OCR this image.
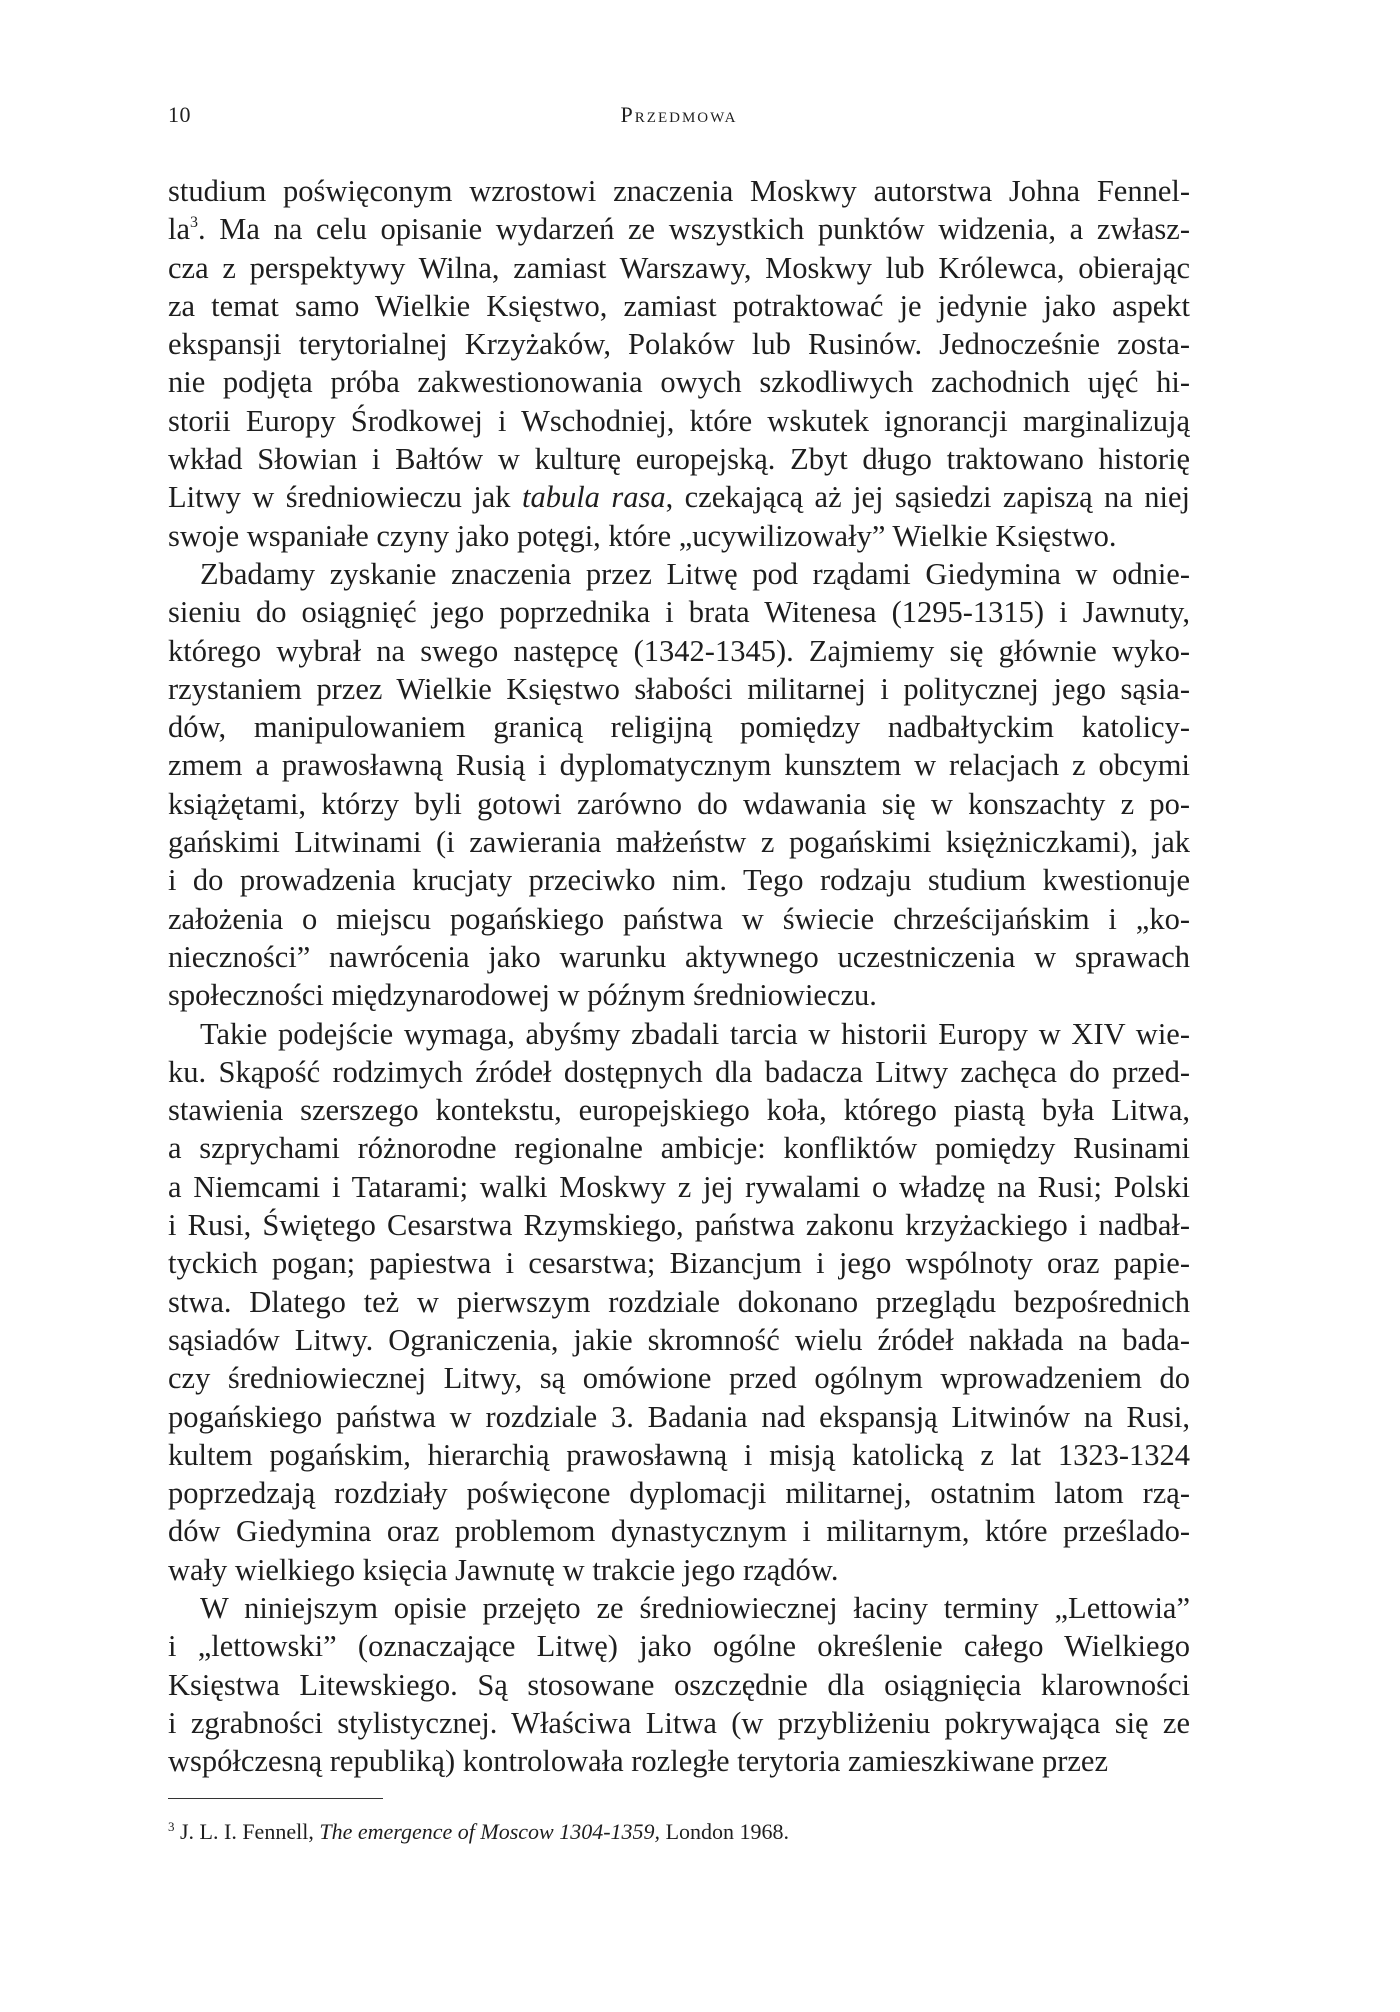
10	Przedmowa

studium poświęconym wzrostowi znaczenia Moskwy autorstwa Johna Fennel-
$la^3$. Ma na celu opisanie wydarzeń ze wszystkich punktów widzenia, a zwłasz-
cza z perspektywy Wilna, zamiast Warszawy, Moskwy lub Królewca, obierając
za temat samo Wielkie Księstwo, zamiast potraktować je jedynie jako aspekt
ekspansji terytorialnej Krzyżaków, Polaków lub Rusinów. Jednocześnie zosta-
nie podjęta próba zakwestionowania owych szkodliwych zachodnich ujęć hi-
storii Europy Środkowej i Wschodniej, które wskutek ignorancji marginalizują
wkład Słowian i Bałtów w kulturę europejską. Zbyt długo traktowano historię
Litwy w średniowieczu jak tabula rasa, czekającą aż jej sąsiedzi zapiszą na niej
swoje wspaniałe czyny jako potęgi, które „ucywilizowały” Wielkie Księstwo.

Zbadamy zyskanie znaczenia przez Litwę pod rządami Giedymina w odnie-
sieniu do osiągnięć jego poprzednika i brata Witenesa (1295-1315) i Jawnuty,
którego wybrał na swego następcę (1342-1345). Zajmiemy się głównie wyko-
rzystaniem przez Wielkie Księstwo słabości militarnej i politycznej jego sąsia-
dów, manipulowaniem granicą religijną pomiędzy nadbałtyckim katolicy-
zmem a prawosławną Rusią i dyplomatycznym kunsztem w relacjach z obcymi
książętami, którzy byli gotowi zarówno do wdawania się w konszachty z po-
gańskimi Litwinami (i zawierania małżeństw z pogańskimi księżniczkami), jak
i do prowadzenia krucjaty przeciwko nim. Tego rodzaju studium kwestionuje
założenia o miejscu pogańskiego państwa w świecie chrześcijańskim i „ko-
nieczności” nawrócenia jako warunku aktywnego uczestniczenia w sprawach
społeczności międzynarodowej w późnym średniowieczu.

Takie podejście wymaga, abyśmy zbadali tarcia w historii Europy w XIV wie-
ku. Skąpość rodzimych źródeł dostępnych dla badacza Litwy zachęca do przed-
stawienia szerszego kontekstu, europejskiego koła, którego piastą była Litwa,
a szprychami różnorodne regionalne ambicje: konfliktów pomiędzy Rusinami
a Niemcami i Tatarami; walki Moskwy z jej rywalami o władzę na Rusi; Polski
i Rusi, Świętego Cesarstwa Rzymskiego, państwa zakonu krzyżackiego i nadbał-
tyckich pogan; papiestwa i cesarstwa; Bizancjum i jego wspólnoty oraz papie-
stwa. Dlatego też w pierwszym rozdziale dokonano przeglądu bezpośrednich
sąsiadów Litwy. Ograniczenia, jakie skromność wielu źródeł nakłada na bada-
czy średniowiecznej Litwy, są omówione przed ogólnym wprowadzeniem do
pogańskiego państwa w rozdziale 3. Badania nad ekspansją Litwinów na Rusi,
kultem pogańskim, hierarchią prawosławną i misją katolicką z lat 1323-1324
poprzedzają rozdziały poświęcone dyplomacji militarnej, ostatnim latom rzą-
dów Giedymina oraz problemom dynastycznym i militarnym, które prześlado-
wały wielkiego księcia Jawnutę w trakcie jego rządów.

W niniejszym opisie przejęto ze średniowiecznej łaciny terminy „Lettowia”
i „lettowski” (oznaczające Litwę) jako ogólne określenie całego Wielkiego
Księstwa Litewskiego. Są stosowane oszczędnie dla osiągnięcia klarowności
i zgrabności stylistycznej. Właściwa Litwa (w przybliżeniu pokrywająca się ze
współczesną republiką) kontrolowała rozległe terytoria zamieszkiwane przez

$^3$ J. L. I. Fennell, The emergence of Moscow 1304-1359, London 1968.
